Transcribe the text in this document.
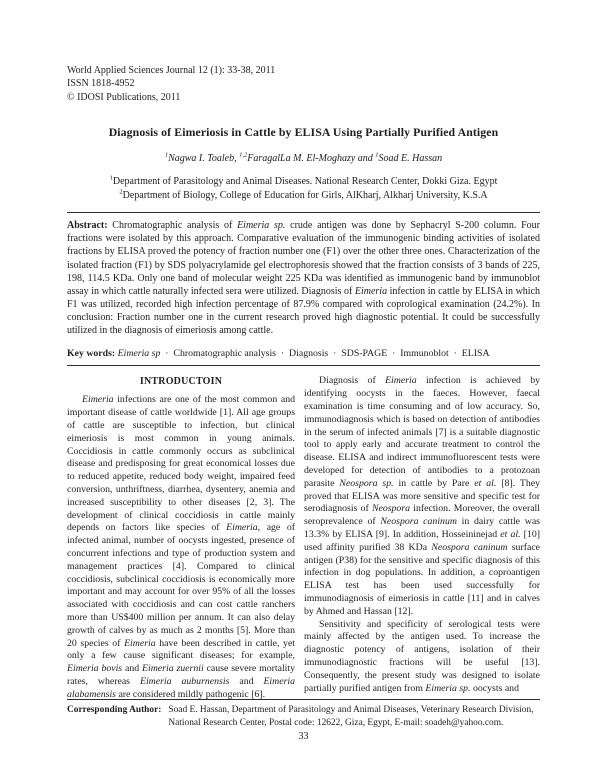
World Applied Sciences Journal 12 (1): 33-38, 2011
ISSN 1818-4952
© IDOSI Publications, 2011
Diagnosis of Eimeriosis in Cattle by ELISA Using Partially Purified Antigen
$^1$Nagwa I. Toaleb, $^{1,2}$FaragalLa M. El-Moghazy and $^1$Soad E. Hassan
$^1$Department of Parasitology and Animal Diseases. National Research Center, Dokki Giza. Egypt
$^2$Department of Biology, College of Education for Girls, AlKharj, Alkharj University, K.S.A

Abstract: Chromatographic analysis of Eimeria sp. crude antigen was done by Sephacryl S-200 column. Four fractions were isolated by this approach. Comparative evaluation of the immunogenic binding activities of isolated fractions by ELISA proved the potency of fraction number one (F1) over the other three ones. Characterization of the isolated fraction (F1) by SDS polyacrylamide gel electrophoresis showed that the fraction consists of 3 bands of 225, 198, 114.5 KDa. Only one band of molecular weight 225 KDa was identified as immunogenic band by immunoblot assay in which cattle naturally infected sera were utilized. Diagnosis of Eimeria infection in cattle by ELISA in which F1 was utilized, recorded high infection percentage of 87.9% compared with coprological examination (24.2%). In conclusion: Fraction number one in the current research proved high diagnostic potential. It could be successfully utilized in the diagnosis of eimeriosis among cattle.

Key words: Eimeria sp  ·  Chromatographic analysis  ·  Diagnosis  ·  SDS-PAGE  ·  Immunoblot  ·  ELISA

INTRODUCTOIN

Eimeria infections are one of the most common and important disease of cattle worldwide [1]. All age groups of cattle are susceptible to infection, but clinical eimeriosis is most common in young animals. Coccidiosis in cattle commonly occurs as subclinical disease and predisposing for great economical losses due to reduced appetite, reduced body weight, impaired feed conversion, unthriftness, diarrhea, dysentery, anemia and increased susceptibility to other diseases [2, 3]. The development of clinical coccidiosis in cattle mainly depends on factors like species of Eimeria, age of infected animal, number of oocysts ingested, presence of concurrent infections and type of production system and management practices [4]. Compared to clinical coccidiosis, subclinical coccidiosis is economically more important and may account for over 95% of all the losses associated with coccidiosis and can cost cattle ranchers more than US$400 million per annum. It can also delay growth of calves by as much as 2 months [5]. More than 20 species of Eimeria have been described in cattle, yet only a few cause significant diseases; for example, Eimeria bovis and Eimeria zuernii cause severe mortality rates, whereas Eimeria auburnensis and Eimeria alabamensis are considered mildly pathogenic [6].

Diagnosis of Eimeria infection is achieved by identifying oocysts in the faeces. However, faecal examination is time consuming and of low accuracy. So, immunodiagnosis which is based on detection of antibodies in the serum of infected animals [7] is a suitable diagnostic tool to apply early and accurate treatment to control the disease. ELISA and indirect immunofluorescent tests were developed for detection of antibodies to a protozoan parasite Neospora sp. in cattle by Pare et al. [8]. They proved that ELISA was more sensitive and specific test for serodiagnosis of Neospora infection. Moreover, the overall seroprevalence of Neospora caninum in dairy cattle was 13.3% by ELISA [9]. In addition, Hosseininejad et al. [10] used affinity purified 38 KDa Neospora caninum surface antigen (P38) for the sensitive and specific diagnosis of this infection in dog populations. In addition, a coproantigen ELISA test has been used successfully for immunodiagnosis of eimeriosis in cattle [11] and in calves by Ahmed and Hassan [12].

Sensitivity and specificity of serological tests were mainly affected by the antigen used. To increase the diagnostic potency of antigens, isolation of their immunodiagnostic fractions will be useful [13]. Consequently, the present study was designed to isolate partially purified antigen from Eimeria sp. oocysts and

Corresponding Author: Soad E. Hassan, Department of Parasitology and Animal Diseases, Veterinary Research Division,
National Research Center, Postal code: 12622, Giza, Egypt, E-mail: soadeh@yahoo.com.
33
